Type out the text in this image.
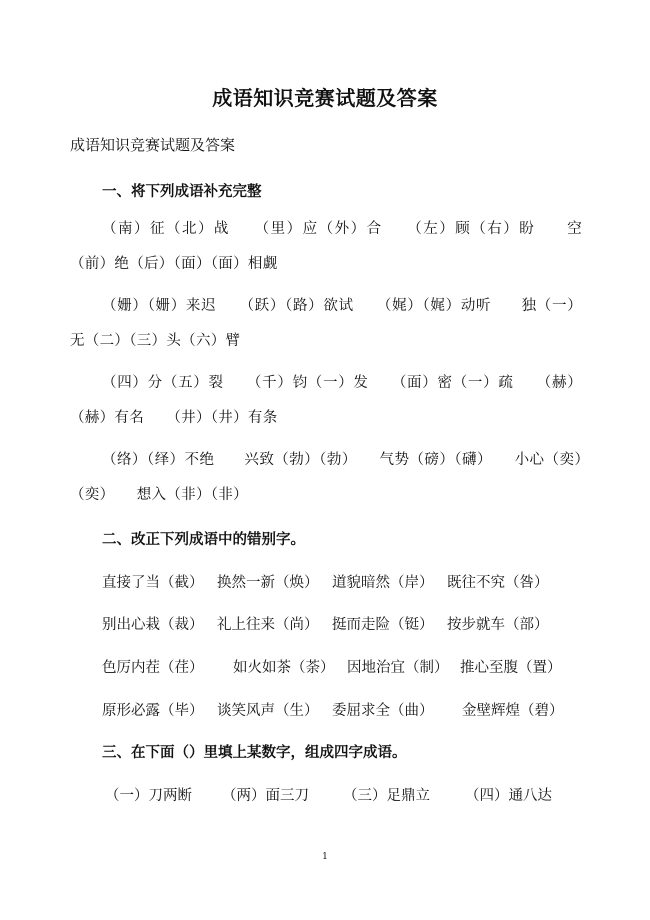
成语知识竞赛试题及答案
成语知识竞赛试题及答案
一、将下列成语补充完整
（南）征（北）战　　（里）应（外）合　　（左）顾（右）盼　　空（前）绝（后）（面）（面）相觑
（姗）（姗）来迟　　（跃）（路）欲试　　（娓）（娓）动听　　独（一）无（二）（三）头（六）臂
（四）分（五）裂　　（千）钧（一）发　　（面）密（一）疏　　（赫）（赫）有名　　（井）（井）有条
（络）（绎）不绝　　兴致（勃）（勃）　　气势（磅）（礴）　　小心（奕）（奕）　　想入（非）（非）
二、改正下列成语中的错别字。
直接了当（截） 换然一新（焕） 道貌暗然（岸） 既往不究（咎）
别出心栽（裁） 礼上往来（尚） 挺而走险（铤） 按步就车（部）
色厉内茬（荏） 如火如茶（荼） 因地治宜（制） 推心至腹（置）
原形必露（毕） 谈笑风声（生） 委屈求全（曲） 金壁辉煌（碧）
三、在下面（）里填上某数字，组成四字成语。
（一）刀两断 （两）面三刀 （三）足鼎立 （四）通八达
1
